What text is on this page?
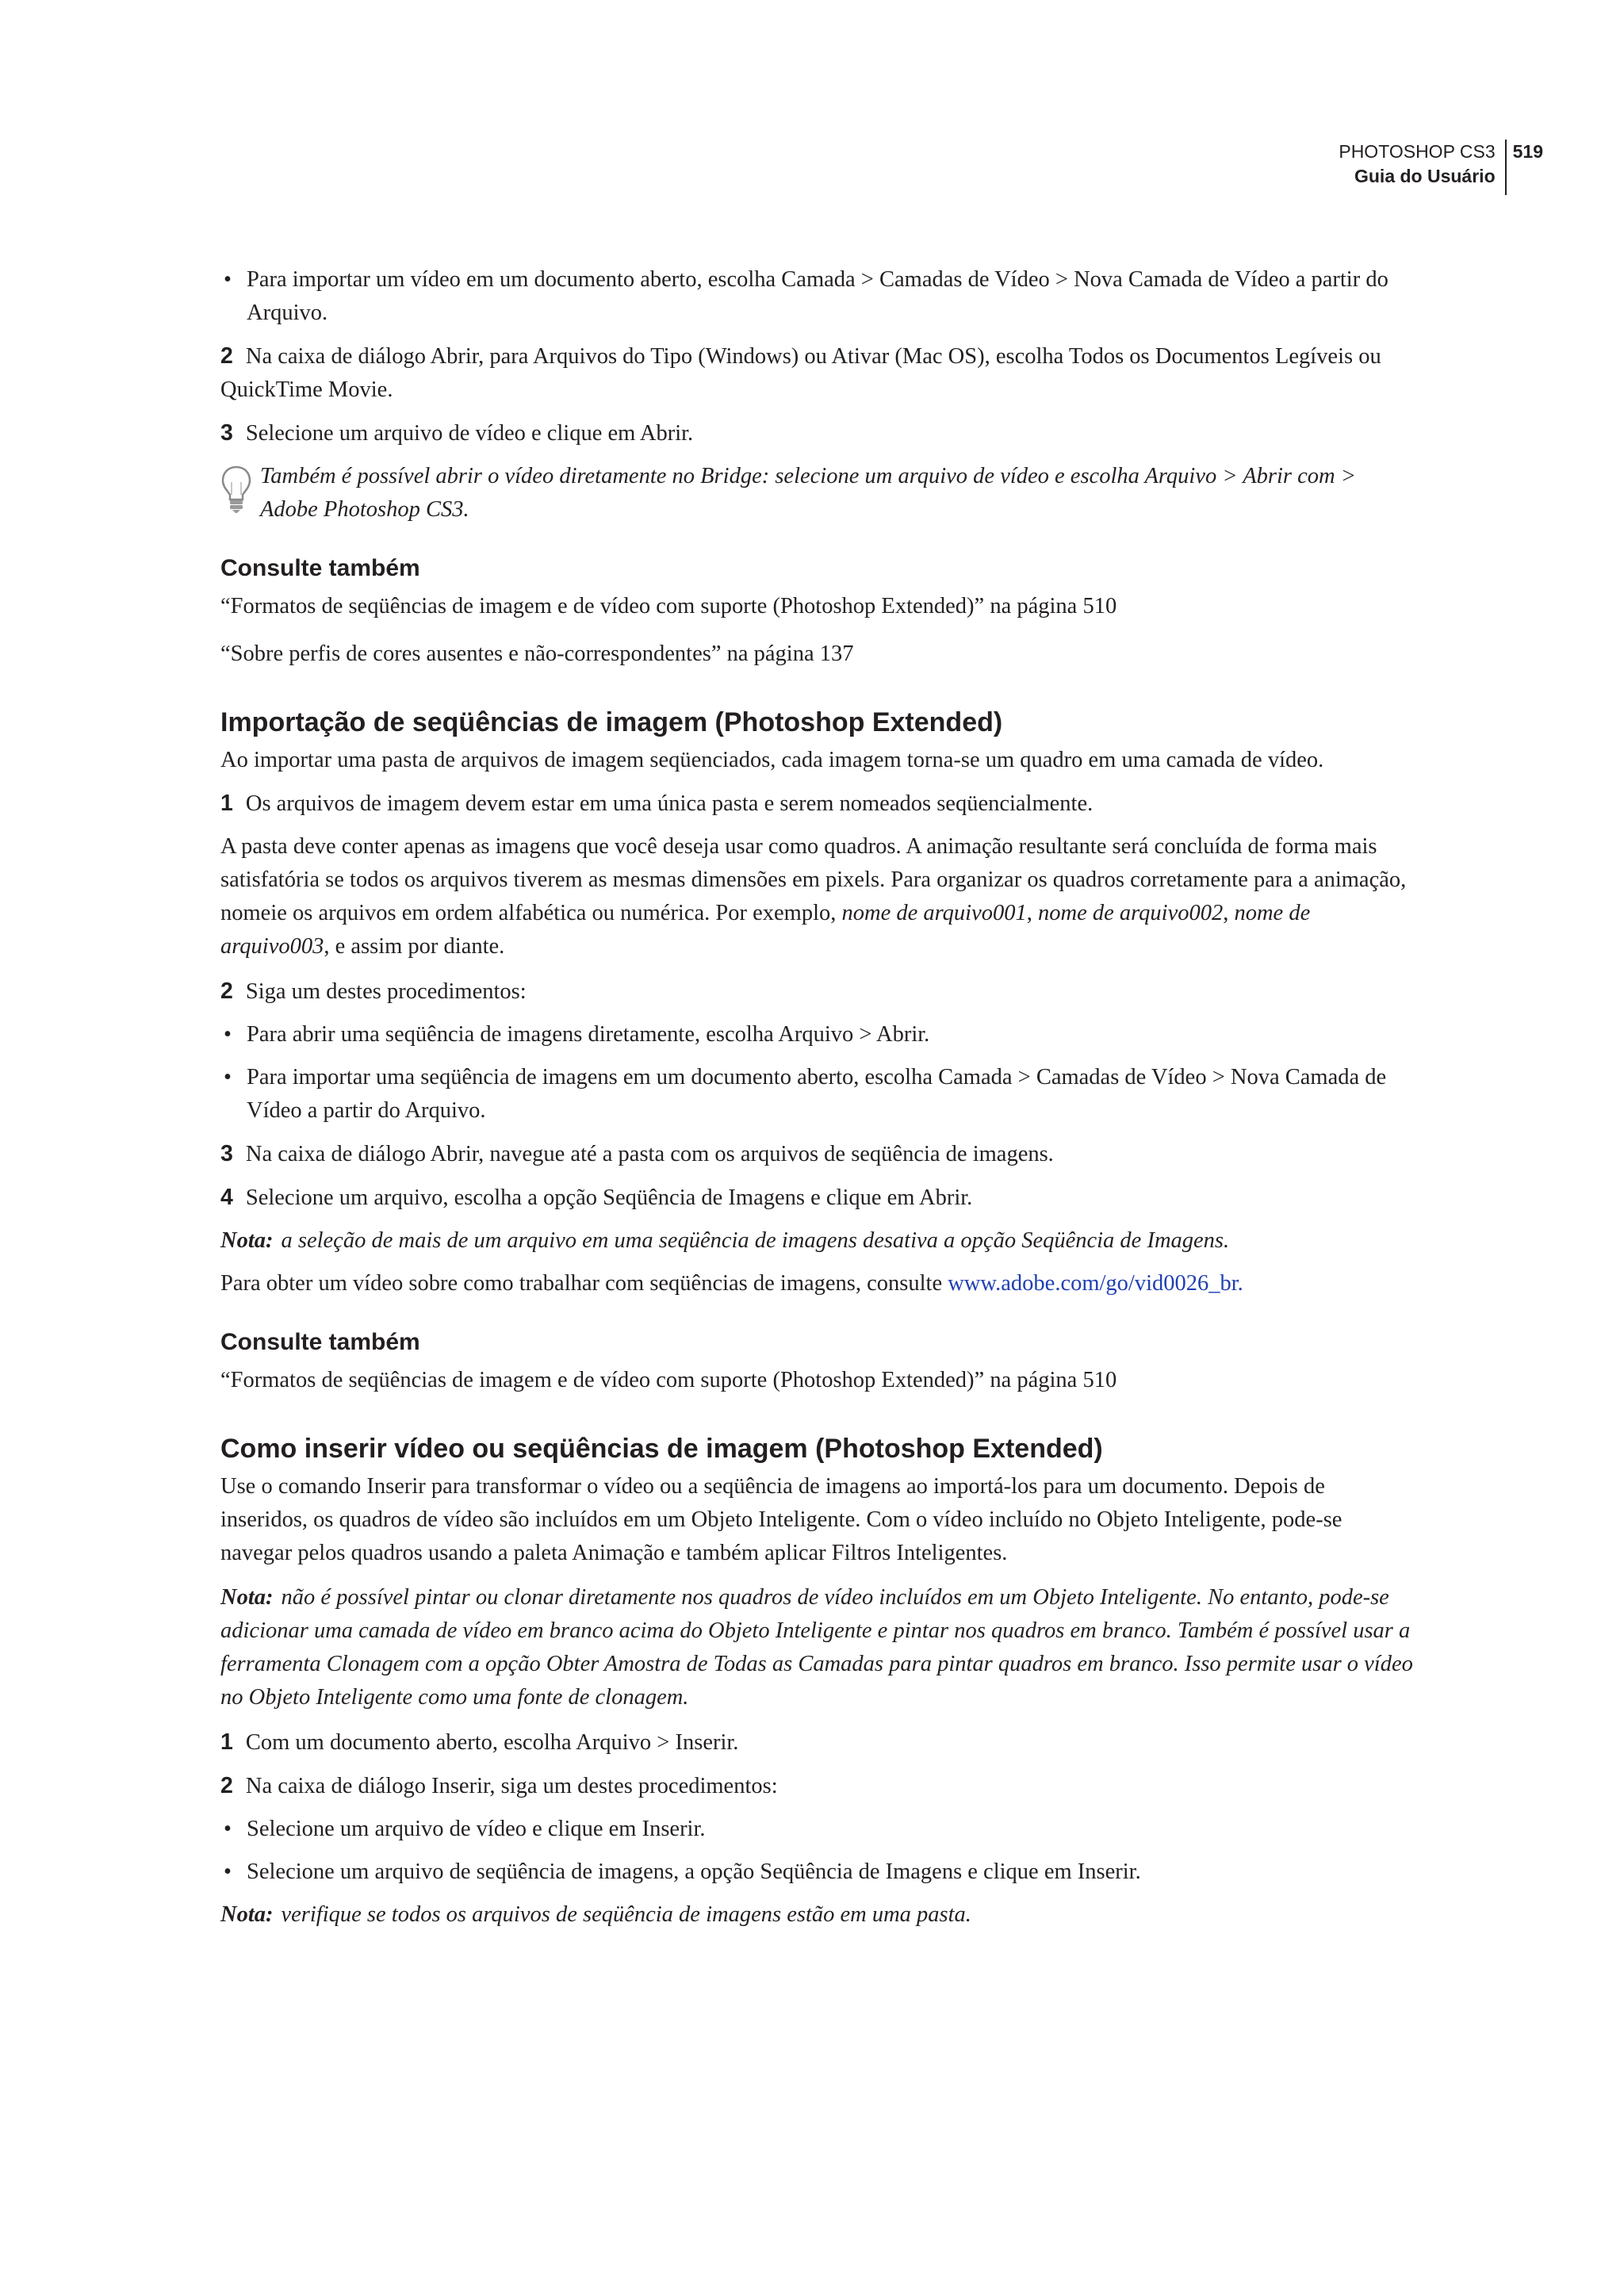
PHOTOSHOP CS3
Guia do Usuário
519

• Para importar um vídeo em um documento aberto, escolha Camada > Camadas de Vídeo > Nova Camada de Vídeo a partir do Arquivo.

2 Na caixa de diálogo Abrir, para Arquivos do Tipo (Windows) ou Ativar (Mac OS), escolha Todos os Documentos Legíveis ou QuickTime Movie.

3 Selecione um arquivo de vídeo e clique em Abrir.

Também é possível abrir o vídeo diretamente no Bridge: selecione um arquivo de vídeo e escolha Arquivo > Abrir com > Adobe Photoshop CS3.

Consulte também

“Formatos de seqüências de imagem e de vídeo com suporte (Photoshop Extended)” na página 510

“Sobre perfis de cores ausentes e não-correspondentes” na página 137

Importação de seqüências de imagem (Photoshop Extended)

Ao importar uma pasta de arquivos de imagem seqüenciados, cada imagem torna-se um quadro em uma camada de vídeo.

1 Os arquivos de imagem devem estar em uma única pasta e serem nomeados seqüencialmente.

A pasta deve conter apenas as imagens que você deseja usar como quadros. A animação resultante será concluída de forma mais satisfatória se todos os arquivos tiverem as mesmas dimensões em pixels. Para organizar os quadros corretamente para a animação, nomeie os arquivos em ordem alfabética ou numérica. Por exemplo, nome de arquivo001, nome de arquivo002, nome de arquivo003, e assim por diante.

2 Siga um destes procedimentos:

• Para abrir uma seqüência de imagens diretamente, escolha Arquivo > Abrir.

• Para importar uma seqüência de imagens em um documento aberto, escolha Camada > Camadas de Vídeo > Nova Camada de Vídeo a partir do Arquivo.

3 Na caixa de diálogo Abrir, navegue até a pasta com os arquivos de seqüência de imagens.

4 Selecione um arquivo, escolha a opção Seqüência de Imagens e clique em Abrir.

Nota: a seleção de mais de um arquivo em uma seqüência de imagens desativa a opção Seqüência de Imagens.

Para obter um vídeo sobre como trabalhar com seqüências de imagens, consulte www.adobe.com/go/vid0026_br.

Consulte também

“Formatos de seqüências de imagem e de vídeo com suporte (Photoshop Extended)” na página 510

Como inserir vídeo ou seqüências de imagem (Photoshop Extended)

Use o comando Inserir para transformar o vídeo ou a seqüência de imagens ao importá-los para um documento. Depois de inseridos, os quadros de vídeo são incluídos em um Objeto Inteligente. Com o vídeo incluído no Objeto Inteligente, pode-se navegar pelos quadros usando a paleta Animação e também aplicar Filtros Inteligentes.

Nota: não é possível pintar ou clonar diretamente nos quadros de vídeo incluídos em um Objeto Inteligente. No entanto, pode-se adicionar uma camada de vídeo em branco acima do Objeto Inteligente e pintar nos quadros em branco. Também é possível usar a ferramenta Clonagem com a opção Obter Amostra de Todas as Camadas para pintar quadros em branco. Isso permite usar o vídeo no Objeto Inteligente como uma fonte de clonagem.

1 Com um documento aberto, escolha Arquivo > Inserir.

2 Na caixa de diálogo Inserir, siga um destes procedimentos:

• Selecione um arquivo de vídeo e clique em Inserir.

• Selecione um arquivo de seqüência de imagens, a opção Seqüência de Imagens e clique em Inserir.

Nota: verifique se todos os arquivos de seqüência de imagens estão em uma pasta.
